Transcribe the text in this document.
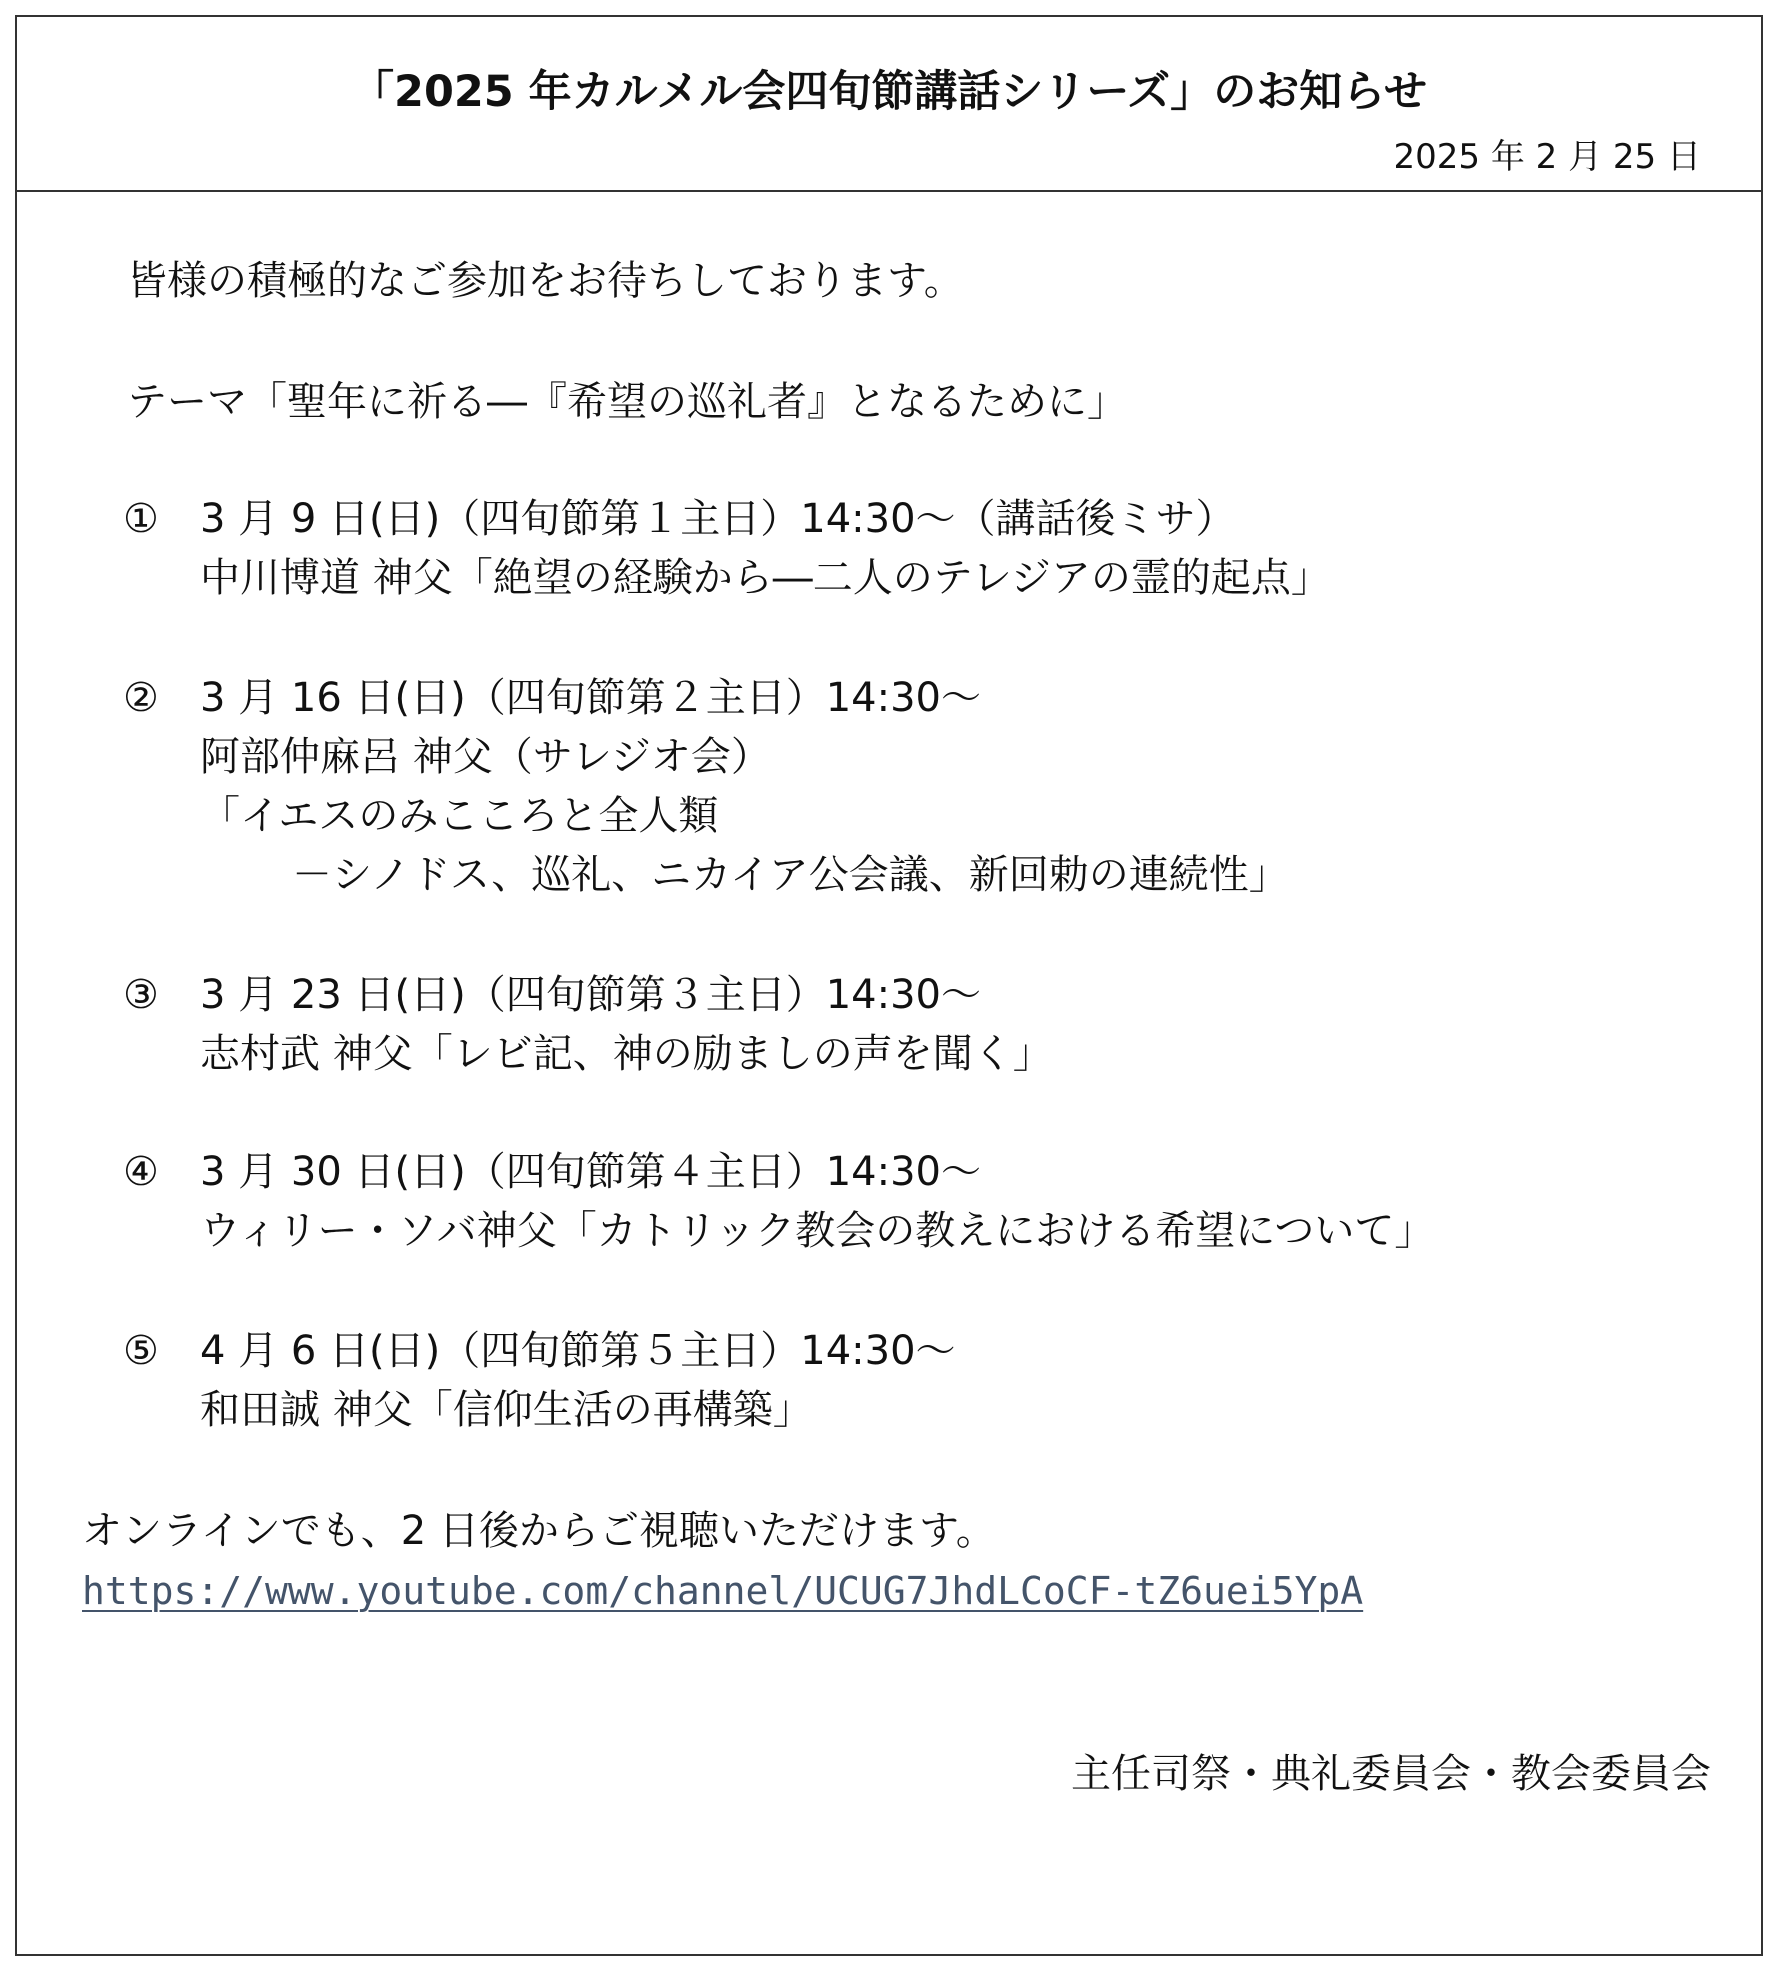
「2025 年カルメル会四旬節講話シリーズ」のお知らせ
2025 年 2 月 25 日
皆様の積極的なご参加をお待ちしております。
テーマ「聖年に祈る―『希望の巡礼者』となるために」
① 3 月 9 日(日)（四旬節第１主日）14:30～（講話後ミサ）
中川博道 神父「絶望の経験から―二人のテレジアの霊的起点」
② 3 月 16 日(日)（四旬節第２主日）14:30～
阿部仲麻呂 神父（サレジオ会）
「イエスのみこころと全人類
－シノドス、巡礼、ニカイア公会議、新回勅の連続性」
③ 3 月 23 日(日)（四旬節第３主日）14:30～
志村武 神父「レビ記、神の励ましの声を聞く」
④ 3 月 30 日(日)（四旬節第４主日）14:30～
ウィリー・ソバ神父「カトリック教会の教えにおける希望について」
⑤ 4 月 6 日(日)（四旬節第５主日）14:30～
和田誠 神父「信仰生活の再構築」
オンラインでも、2 日後からご視聴いただけます。
https://www.youtube.com/channel/UCUG7JhdLCoCF-tZ6uei5YpA
主任司祭・典礼委員会・教会委員会
